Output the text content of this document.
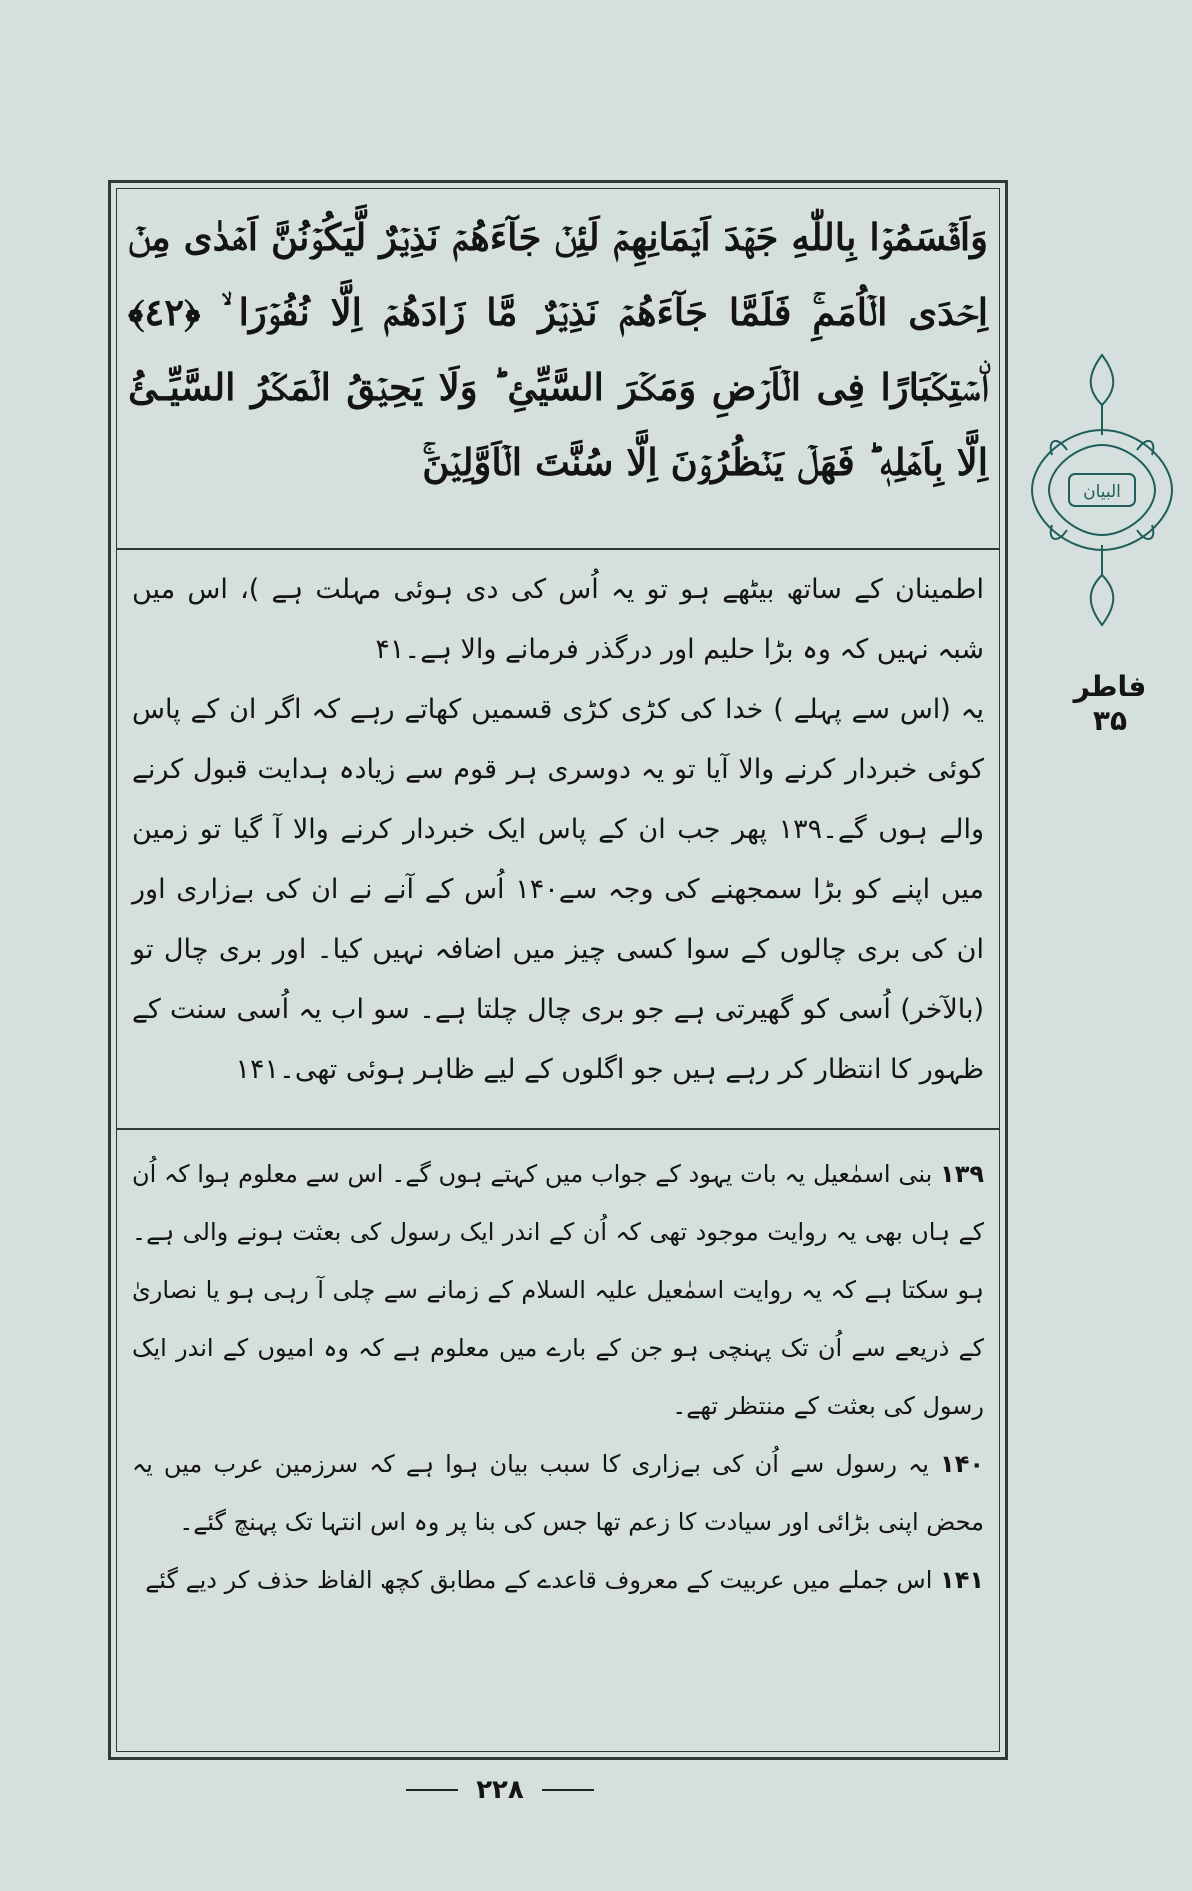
وَاَقۡسَمُوۡا بِاللّٰهِ جَهۡدَ اَيۡمَانِهِمۡ لَئِنۡ جَآءَهُمۡ نَذِيۡرٌ لَّيَكُوۡنُنَّ اَهۡدٰى مِنۡ اِحۡدَى الۡاُمَمِ‌ۚ فَلَمَّا جَآءَهُمۡ نَذِيۡرٌ مَّا زَادَهُمۡ اِلَّا نُفُوۡرَا ۙ‏ ﴿٤٢﴾ اۨسۡتِكۡبَارًا فِى الۡاَرۡضِ وَمَكۡرَ السَّيِّئِ‌ ؕ وَلَا يَحِيۡقُ الۡمَكۡرُ السَّيِّـئُ اِلَّا بِاَهۡلِهٖ‌ ؕ فَهَلۡ يَنۡظُرُوۡنَ اِلَّا سُنَّتَ الۡاَوَّلِيۡنَ‌ۚ

اطمینان کے ساتھ بیٹھے ہو تو یہ اُس کی دی ہوئی مہلت ہے )، اس میں شبہ نہیں کہ وہ بڑا حلیم اور درگذر فرمانے والا ہے۔۴۱

یہ (اس سے پہلے ) خدا کی کڑی کڑی قسمیں کھاتے رہے کہ اگر ان کے پاس کوئی خبردار کرنے والا آیا تو یہ دوسری ہر قوم سے زیادہ ہدایت قبول کرنے والے ہوں گے۔۱۳۹ پھر جب ان کے پاس ایک خبردار کرنے والا آ گیا تو زمین میں اپنے کو بڑا سمجھنے کی وجہ سے۱۴۰ اُس کے آنے نے ان کی بےزاری اور ان کی بری چالوں کے سوا کسی چیز میں اضافہ نہیں کیا۔ اور بری چال تو (بالآخر) اُسی کو گھیرتی ہے جو بری چال چلتا ہے۔ سو اب یہ اُسی سنت کے ظہور کا انتظار کر رہے ہیں جو اگلوں کے لیے ظاہر ہوئی تھی۔۱۴۱

۱۳۹ بنی اسمٰعیل یہ بات یہود کے جواب میں کہتے ہوں گے۔ اس سے معلوم ہوا کہ اُن کے ہاں بھی یہ روایت موجود تھی کہ اُن کے اندر ایک رسول کی بعثت ہونے والی ہے۔ ہو سکتا ہے کہ یہ روایت اسمٰعیل علیہ السلام کے زمانے سے چلی آ رہی ہو یا نصاریٰ کے ذریعے سے اُن تک پہنچی ہو جن کے بارے میں معلوم ہے کہ وہ امیوں کے اندر ایک رسول کی بعثت کے منتظر تھے۔

۱۴۰ یہ رسول سے اُن کی بےزاری کا سبب بیان ہوا ہے کہ سرزمین عرب میں یہ محض اپنی بڑائی اور سیادت کا زعم تھا جس کی بنا پر وہ اس انتہا تک پہنچ گئے۔

۱۴۱ اس جملے میں عربیت کے معروف قاعدے کے مطابق کچھ الفاظ حذف کر دیے گئے

البیان
فاطر
۳۵
۲۲۸
